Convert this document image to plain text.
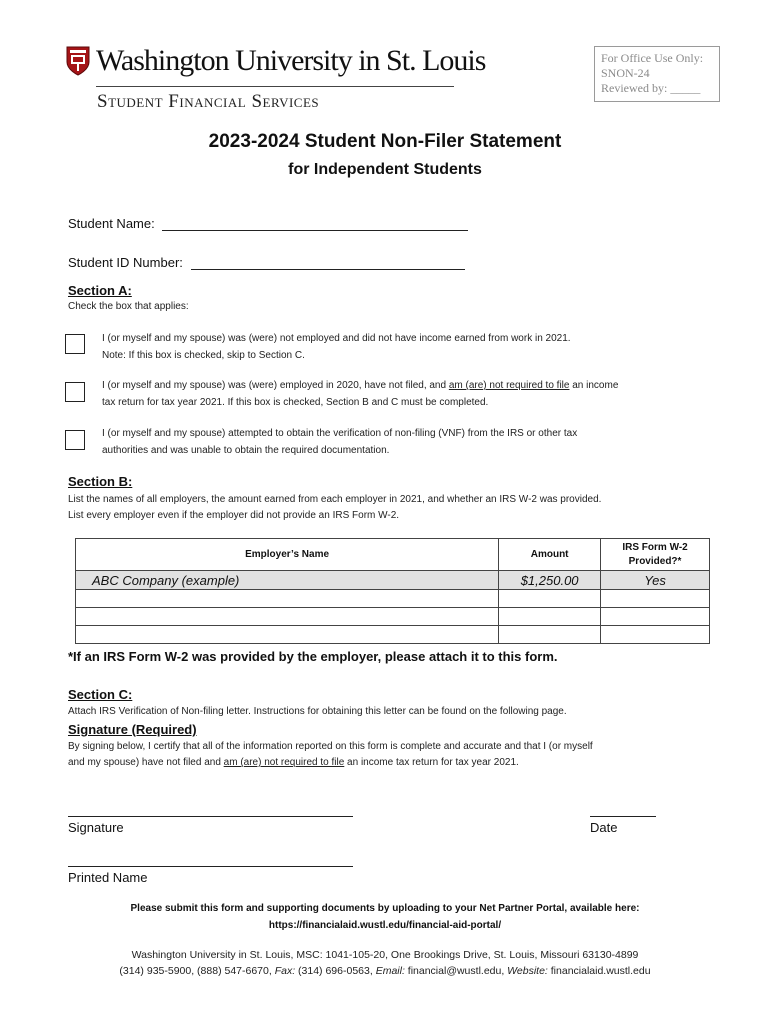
Washington University in St. Louis
Student Financial Services
For Office Use Only:
SNON-24
Reviewed by: _____
2023-2024 Student Non-Filer Statement
for Independent Students
Student Name:
Student ID Number:
Section A:
Check the box that applies:
I (or myself and my spouse) was (were) not employed and did not have income earned from work in 2021.
Note: If this box is checked, skip to Section C.
I (or myself and my spouse) was (were) employed in 2020, have not filed, and am (are) not required to file an income
tax return for tax year 2021. If this box is checked, Section B and C must be completed.
I (or myself and my spouse) attempted to obtain the verification of non-filing (VNF) from the IRS or other tax
authorities and was unable to obtain the required documentation.
Section B:
List the names of all employers, the amount earned from each employer in 2021, and whether an IRS W-2 was provided.
List every employer even if the employer did not provide an IRS Form W-2.
Employer’s Name	Amount	IRS Form W-2 Provided?*
ABC Company (example)	$1,250.00	Yes

*If an IRS Form W-2 was provided by the employer, please attach it to this form.
Section C:
Attach IRS Verification of Non-filing letter. Instructions for obtaining this letter can be found on the following page.
Signature (Required)
By signing below, I certify that all of the information reported on this form is complete and accurate and that I (or myself
and my spouse) have not filed and am (are) not required to file an income tax return for tax year 2021.
Signature	Date
Printed Name
Please submit this form and supporting documents by uploading to your Net Partner Portal, available here:
https://financialaid.wustl.edu/financial-aid-portal/
Washington University in St. Louis, MSC: 1041-105-20, One Brookings Drive, St. Louis, Missouri 63130-4899
(314) 935-5900, (888) 547-6670, Fax: (314) 696-0563, Email: financial@wustl.edu, Website: financialaid.wustl.edu
